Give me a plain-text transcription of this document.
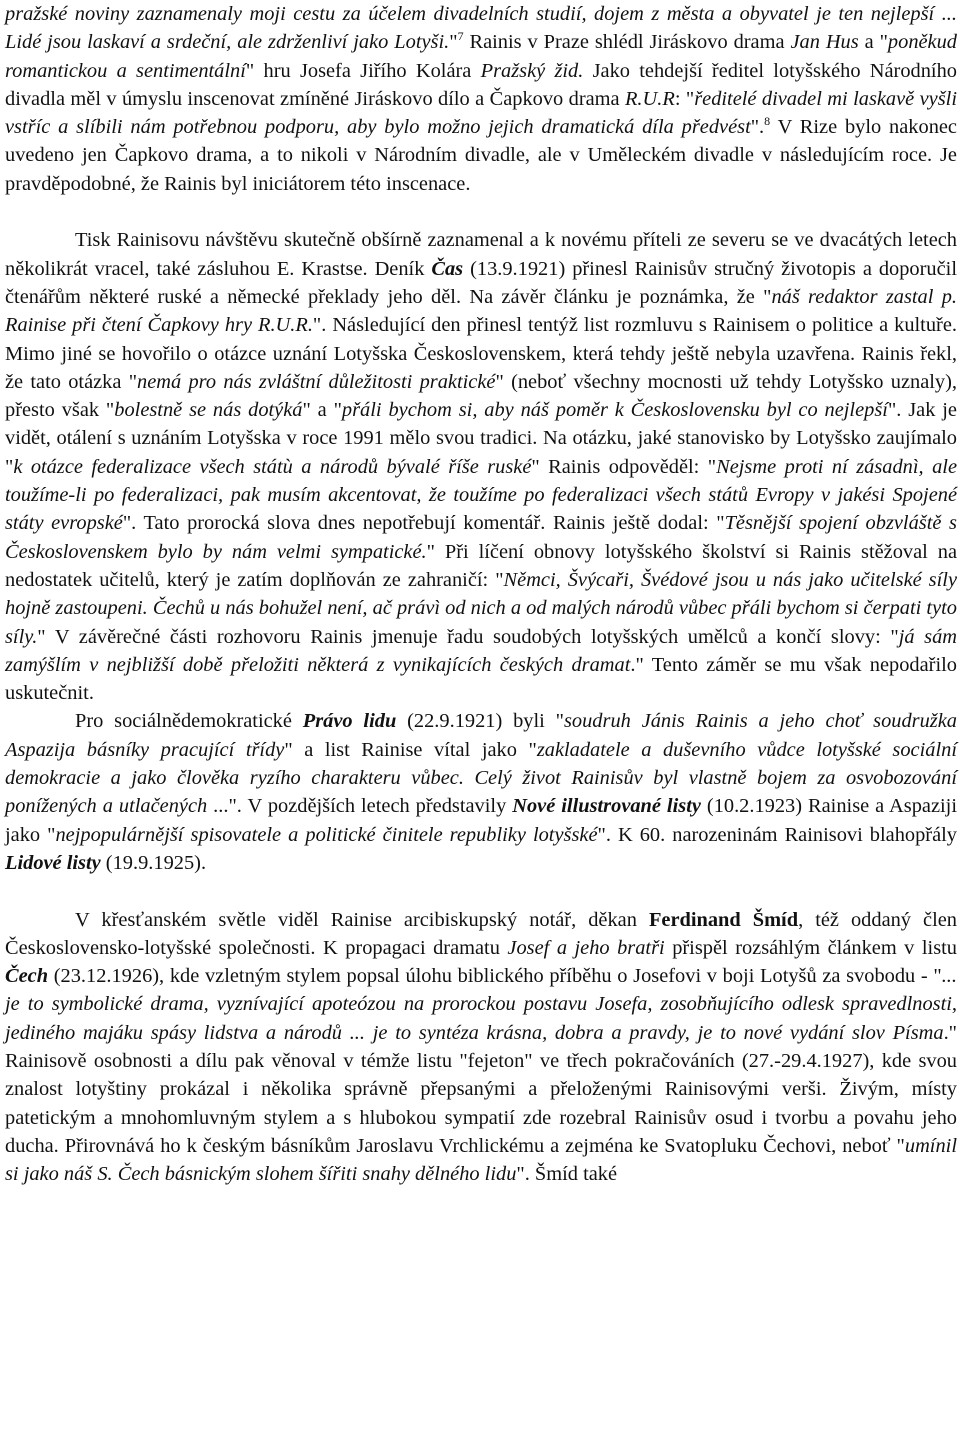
pražské noviny zaznamenaly moji cestu za účelem divadelních studií, dojem z města a obyvatel je ten nejlepší ... Lidé jsou laskaví a srdeční, ale zdrženliví jako Lotyši."$^7$ Rainis v Praze shlédl Jiráskovo drama Jan Hus a "poněkud romantickou a sentimentální" hru Josefa Jiřího Kolára Pražský žid. Jako tehdejší ředitel lotyšského Národního divadla měl v úmyslu inscenovat zmíněné Jiráskovo dílo a Čapkovo drama R.U.R: "ředitelé divadel mi laskavě vyšli vstříc a slíbili nám potřebnou podporu, aby bylo možno jejich dramatická díla předvést".$^8$ V Rize bylo nakonec uvedeno jen Čapkovo drama, a to nikoli v Národním divadle, ale v Uměleckém divadle v následujícím roce. Je pravděpodobné, že Rainis byl iniciátorem této inscenace.

Tisk Rainisovu návštěvu skutečně obšírně zaznamenal a k novému příteli ze severu se ve dvacátých letech několikrát vracel, také zásluhou E. Krastse. Deník Čas (13.9.1921) přinesl Rainisův stručný životopis a doporučil čtenářům některé ruské a německé překlady jeho děl. Na závěr článku je poznámka, že "náš redaktor zastal p. Rainise při čtení Čapkovy hry R.U.R.". Následující den přinesl tentýž list rozmluvu s Rainisem o politice a kultuře. Mimo jiné se hovořilo o otázce uznání Lotyšska Československem, která tehdy ještě nebyla uzavřena. Rainis řekl, že tato otázka "nemá pro nás zvláštní důležitosti praktické" (neboť všechny mocnosti už tehdy Lotyšsko uznaly), přesto však "bolestně se nás dotýká" a "přáli bychom si, aby náš poměr k Československu byl co nejlepší". Jak je vidět, otálení s uznáním Lotyšska v roce 1991 mělo svou tradici. Na otázku, jaké stanovisko by Lotyšsko zaujímalo "k otázce federalizace všech státù a národů bývalé říše ruské" Rainis odpověděl: "Nejsme proti ní zásadnì, ale toužíme-li po federalizaci, pak musím akcentovat, že toužíme po federalizaci všech států Evropy v jakési Spojené státy evropské". Tato prorocká slova dnes nepotřebují komentář. Rainis ještě dodal: "Těsnější spojení obzvláště s Československem bylo by nám velmi sympatické." Při líčení obnovy lotyšského školství si Rainis stěžoval na nedostatek učitelů, který je zatím doplňován ze zahraničí: "Němci, Švýcaři, Švédové jsou u nás jako učitelské síly hojně zastoupeni. Čechů u nás bohužel není, ač právì od nich a od malých národů vůbec přáli bychom si čerpati tyto síly." V závěrečné části rozhovoru Rainis jmenuje řadu soudobých lotyšských umělců a končí slovy: "já sám zamýšlím v nejbližší době přeložiti některá z vynikajících českých dramat." Tento záměr se mu však nepodařilo uskutečnit.

Pro sociálnědemokratické Právo lidu (22.9.1921) byli "soudruh Jánis Rainis a jeho choť soudružka Aspazija básníky pracující třídy" a list Rainise vítal jako "zakladatele a duševního vůdce lotyšské sociální demokracie a jako člověka ryzího charakteru vůbec. Celý život Rainisův byl vlastně bojem za osvobozování ponížených a utlačených ...". V pozdějších letech představily Nové illustrované listy (10.2.1923) Rainise a Aspaziji jako "nejpopulárnější spisovatele a politické činitele republiky lotyšské". K 60. narozeninám Rainisovi blahopřály Lidové listy (19.9.1925).

V křesťanském světle viděl Rainise arcibiskupský notář, děkan Ferdinand Šmíd, též oddaný člen Československo-lotyšské společnosti. K propagaci dramatu Josef a jeho bratři přispěl rozsáhlým článkem v listu Čech (23.12.1926), kde vzletným stylem popsal úlohu biblického příběhu o Josefovi v boji Lotyšů za svobodu - "... je to symbolické drama, vyznívající apoteózou na prorockou postavu Josefa, zosobňujícího odlesk spravedlnosti, jediného majáku spásy lidstva a národů ... je to syntéza krásna, dobra a pravdy, je to nové vydání slov Písma." Rainisově osobnosti a dílu pak věnoval v témže listu "fejeton" ve třech pokračováních (27.-29.4.1927), kde svou znalost lotyštiny prokázal i několika správně přepsanými a přeloženými Rainisovými verši. Živým, místy patetickým a mnohomluvným stylem a s hlubokou sympatií zde rozebral Rainisův osud i tvorbu a povahu jeho ducha. Přirovnává ho k českým básníkům Jaroslavu Vrchlickému a zejména ke Svatopluku Čechovi, neboť "umínil si jako náš S. Čech básnickým slohem šířiti snahy dělného lidu". Šmíd také
